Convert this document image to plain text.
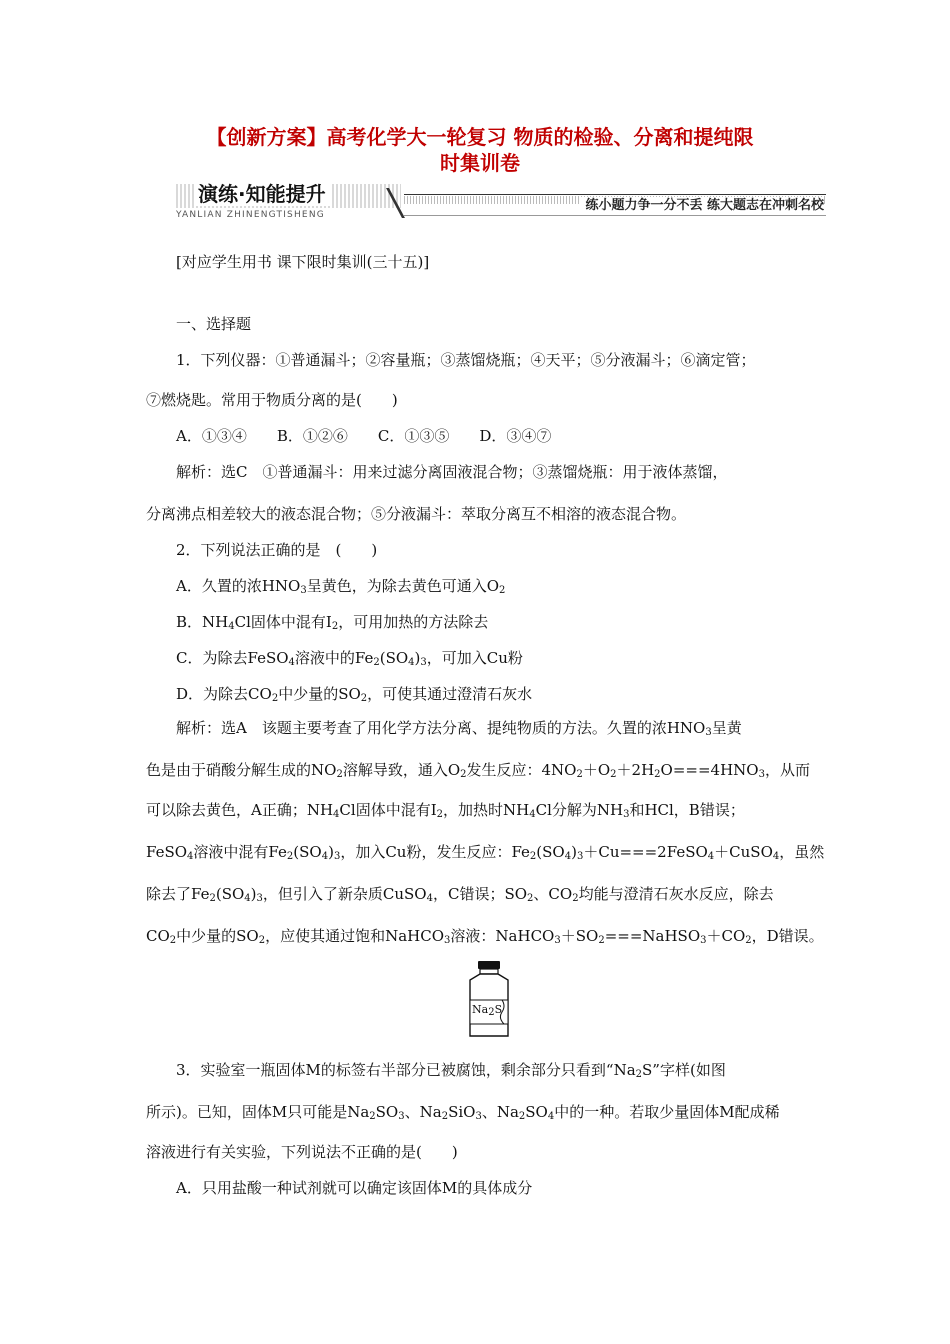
【创新方案】高考化学大一轮复习 物质的检验、分离和提纯限
时集训卷
演练·知能提升
YANLIAN ZHINENGTISHENG
练小题力争一分不丢 练大题志在冲刺名校
[对应学生用书 课下限时集训(三十五)]
一、选择题
1．下列仪器：①普通漏斗；②容量瓶；③蒸馏烧瓶；④天平；⑤分液漏斗；⑥滴定管；
⑦燃烧匙。常用于物质分离的是(　　)
A．①③④　　B．①②⑥　　C．①③⑤　　D．③④⑦
解析：选C　①普通漏斗：用来过滤分离固液混合物；③蒸馏烧瓶：用于液体蒸馏，
分离沸点相差较大的液态混合物；⑤分液漏斗：萃取分离互不相溶的液态混合物。
2．下列说法正确的是　(　　)
A．久置的浓$HNO_3$呈黄色，为除去黄色可通入$O_2$
B．$NH_4Cl$固体中混有$I_2$，可用加热的方法除去
C．为除去FeSO$_4$溶液中的$Fe_2(SO_4)_3$，可加入Cu粉
D．为除去$CO_2$中少量的$SO_2$，可使其通过澄清石灰水
解析：选A　该题主要考查了用化学方法分离、提纯物质的方法。久置的浓$HNO_3$呈黄
色是由于硝酸分解生成的$NO_2$溶解导致，通入$O_2$发生反应：$4NO_2+O_2+2H_2O===4HNO_3$，从而
可以除去黄色，A正确；$NH_4Cl$固体中混有$I_2$，加热时$NH_4Cl$分解为$NH_3$和HCl，B错误；
FeSO$_4$溶液中混有$Fe_2(SO_4)_3$，加入Cu粉，发生反应：$Fe_2(SO_4)_3+Cu===2FeSO_4+CuSO_4$，虽然
除去了$Fe_2(SO_4)_3$，但引入了新杂质CuSO$_4$，C错误；$SO_2$、$CO_2$均能与澄清石灰水反应，除去
$CO_2$中少量的$SO_2$，应使其通过饱和NaHCO$_3$溶液：$NaHCO_3+SO_2===NaHSO_3+CO_2$，D错误。
$Na_2S$
3．实验室一瓶固体M的标签右半部分已被腐蚀，剩余部分只看到“$Na_2S$”字样(如图
所示)。已知，固体M只可能是$Na_2SO_3$、$Na_2SiO_3$、$Na_2SO_4$中的一种。若取少量固体M配成稀
溶液进行有关实验，下列说法不正确的是(　　)
A．只用盐酸一种试剂就可以确定该固体M的具体成分
